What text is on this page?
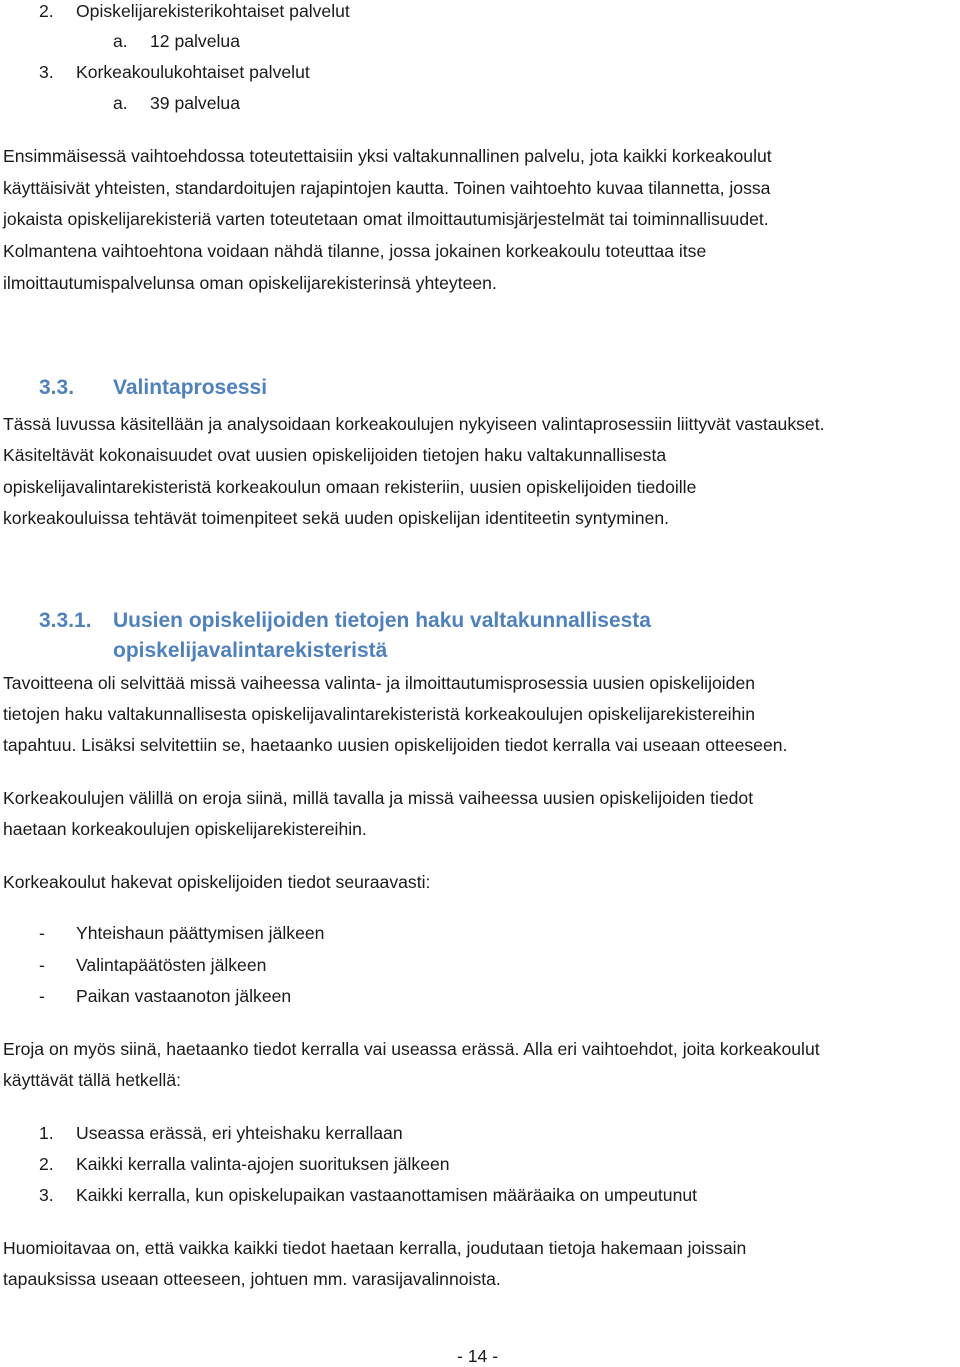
2. Opiskelijarekisterikohtaiset palvelut
a. 12 palvelua
3. Korkeakoulukohtaiset palvelut
a. 39 palvelua
Ensimmäisessä vaihtoehdossa toteutettaisiin yksi valtakunnallinen palvelu, jota kaikki korkeakoulut
käyttäisivät yhteisten, standardoitujen rajapintojen kautta. Toinen vaihtoehto kuvaa tilannetta, jossa
jokaista opiskelijarekisteriä varten toteutetaan omat ilmoittautumisjärjestelmät tai toiminnallisuudet.
Kolmantena vaihtoehtona voidaan nähdä tilanne, jossa jokainen korkeakoulu toteuttaa itse
ilmoittautumispalvelunsa oman opiskelijarekisterinsä yhteyteen.
3.3. Valintaprosessi
Tässä luvussa käsitellään ja analysoidaan korkeakoulujen nykyiseen valintaprosessiin liittyvät vastaukset.
Käsiteltävät kokonaisuudet ovat uusien opiskelijoiden tietojen haku valtakunnallisesta
opiskelijavalintarekisteristä korkeakoulun omaan rekisteriin, uusien opiskelijoiden tiedoille
korkeakouluissa tehtävät toimenpiteet sekä uuden opiskelijan identiteetin syntyminen.
3.3.1. Uusien opiskelijoiden tietojen haku valtakunnallisesta
opiskelijavalintarekisteristä
Tavoitteena oli selvittää missä vaiheessa valinta- ja ilmoittautumisprosessia uusien opiskelijoiden
tietojen haku valtakunnallisesta opiskelijavalintarekisteristä korkeakoulujen opiskelijarekistereihin
tapahtuu. Lisäksi selvitettiin se, haetaanko uusien opiskelijoiden tiedot kerralla vai useaan otteeseen.
Korkeakoulujen välillä on eroja siinä, millä tavalla ja missä vaiheessa uusien opiskelijoiden tiedot
haetaan korkeakoulujen opiskelijarekistereihin.
Korkeakoulut hakevat opiskelijoiden tiedot seuraavasti:
- Yhteishaun päättymisen jälkeen
- Valintapäätösten jälkeen
- Paikan vastaanoton jälkeen
Eroja on myös siinä, haetaanko tiedot kerralla vai useassa erässä. Alla eri vaihtoehdot, joita korkeakoulut
käyttävät tällä hetkellä:
1. Useassa erässä, eri yhteishaku kerrallaan
2. Kaikki kerralla valinta-ajojen suorituksen jälkeen
3. Kaikki kerralla, kun opiskelupaikan vastaanottamisen määräaika on umpeutunut
Huomioitavaa on, että vaikka kaikki tiedot haetaan kerralla, joudutaan tietoja hakemaan joissain
tapauksissa useaan otteeseen, johtuen mm. varasijavalinnoista.
- 14 -
